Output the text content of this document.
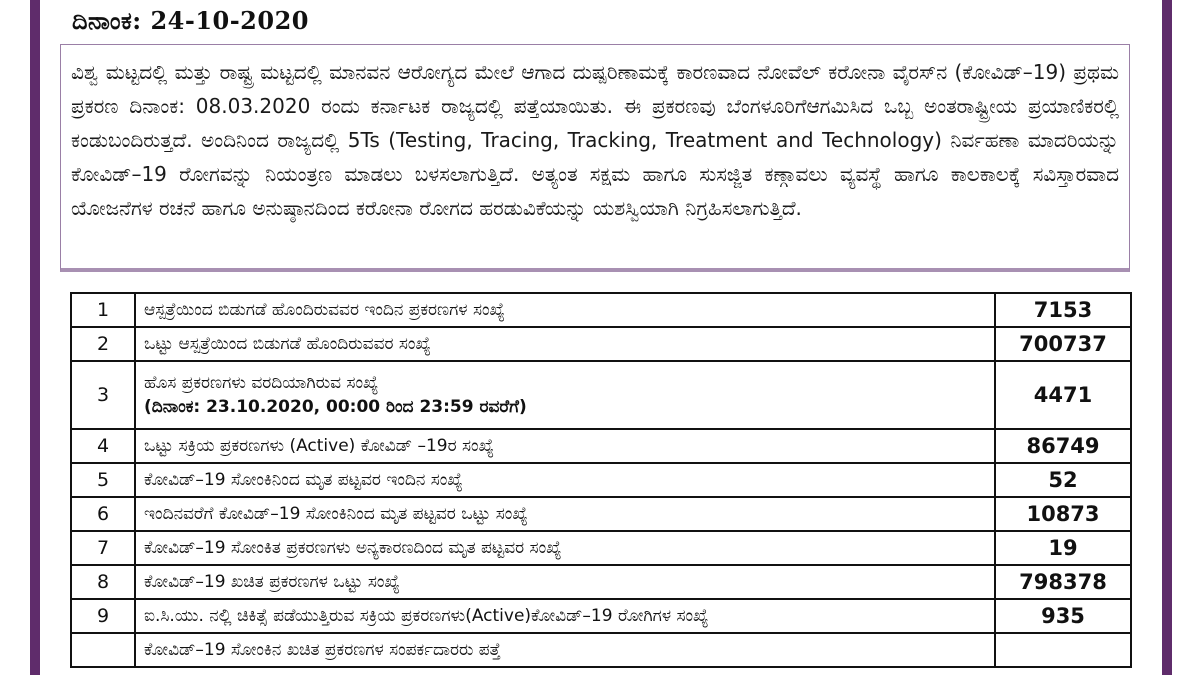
ದಿನಾಂಕ: 24-10-2020

ವಿಶ್ವ ಮಟ್ಟದಲ್ಲಿ ಮತ್ತು ರಾಷ್ಟ್ರ ಮಟ್ಟದಲ್ಲಿ ಮಾನವನ ಆರೋಗ್ಯದ ಮೇಲೆ ಆಗಾದ ದುಷ್ಪರಿಣಾಮಕ್ಕೆ ಕಾರಣವಾದ ನೋವೆಲ್ ಕರೋನಾ ವೈರಸ್‌ನ (ಕೋವಿಡ್–19) ಪ್ರಥಮ ಪ್ರಕರಣ ದಿನಾಂಕ: 08.03.2020 ರಂದು ಕರ್ನಾಟಕ ರಾಜ್ಯದಲ್ಲಿ ಪತ್ತೆಯಾಯಿತು. ಈ ಪ್ರಕರಣವು ಬೆಂಗಳೂರಿಗೆಆಗಮಿಸಿದ ಒಬ್ಬ ಅಂತರಾಷ್ಟ್ರೀಯ ಪ್ರಯಾಣಿಕರಲ್ಲಿ ಕಂಡುಬಂದಿರುತ್ತದೆ. ಅಂದಿನಿಂದ ರಾಜ್ಯದಲ್ಲಿ 5Ts (Testing, Tracing, Tracking, Treatment and Technology) ನಿರ್ವಹಣಾ ಮಾದರಿಯನ್ನು ಕೋವಿಡ್–19 ರೋಗವನ್ನು ನಿಯಂತ್ರಣ ಮಾಡಲು ಬಳಸಲಾಗುತ್ತಿದೆ. ಅತ್ಯಂತ ಸಕ್ಷಮ ಹಾಗೂ ಸುಸಜ್ಜಿತ ಕಣ್ಗಾವಲು ವ್ಯವಸ್ಥೆ ಹಾಗೂ ಕಾಲಕಾಲಕ್ಕೆ ಸವಿಸ್ತಾರವಾದ ಯೋಜನೆಗಳ ರಚನೆ ಹಾಗೂ ಅನುಷ್ಠಾನದಿಂದ ಕರೋನಾ ರೋಗದ ಹರಡುವಿಕೆಯನ್ನು ಯಶಸ್ವಿಯಾಗಿ ನಿಗ್ರಹಿಸಲಾಗುತ್ತಿದೆ.

1	ಆಸ್ಪತ್ರೆಯಿಂದ ಬಿಡುಗಡೆ ಹೊಂದಿರುವವರ ಇಂದಿನ ಪ್ರಕರಣಗಳ ಸಂಖ್ಯೆ	7153
2	ಒಟ್ಟು ಆಸ್ಪತ್ರೆಯಿಂದ ಬಿಡುಗಡೆ ಹೊಂದಿರುವವರ ಸಂಖ್ಯೆ	700737
3	ಹೊಸ ಪ್ರಕರಣಗಳು ವರದಿಯಾಗಿರುವ ಸಂಖ್ಯೆ
(ದಿನಾಂಕ: 23.10.2020, 00:00 ರಿಂದ 23:59 ರವರೆಗೆ)	4471
4	ಒಟ್ಟು ಸಕ್ರಿಯ ಪ್ರಕರಣಗಳು (Active) ಕೋವಿಡ್ –19ರ ಸಂಖ್ಯೆ	86749
5	ಕೋವಿಡ್–19 ಸೋಂಕಿನಿಂದ ಮೃತ ಪಟ್ಟವರ ಇಂದಿನ ಸಂಖ್ಯೆ	52
6	ಇಂದಿನವರೆಗೆ ಕೋವಿಡ್–19 ಸೋಂಕಿನಿಂದ ಮೃತ ಪಟ್ಟವರ ಒಟ್ಟು ಸಂಖ್ಯೆ	10873
7	ಕೋವಿಡ್–19 ಸೋಂಕಿತ ಪ್ರಕರಣಗಳು ಅನ್ಯಕಾರಣದಿಂದ ಮೃತ ಪಟ್ಟವರ ಸಂಖ್ಯೆ	19
8	ಕೋವಿಡ್–19 ಖಚಿತ ಪ್ರಕರಣಗಳ ಒಟ್ಟು ಸಂಖ್ಯೆ	798378
9	ಐ.ಸಿ.ಯು. ನಲ್ಲಿ ಚಿಕಿತ್ಸೆ ಪಡೆಯುತ್ತಿರುವ ಸಕ್ರಿಯ ಪ್ರಕರಣಗಳು(Active)ಕೋವಿಡ್–19 ರೋಗಿಗಳ ಸಂಖ್ಯೆ	935
	ಕೋವಿಡ್–19 ಸೋಂಕಿನ ಖಚಿತ ಪ್ರಕರಣಗಳ ಸಂಪರ್ಕದಾರರು ಪತ್ತೆ	
